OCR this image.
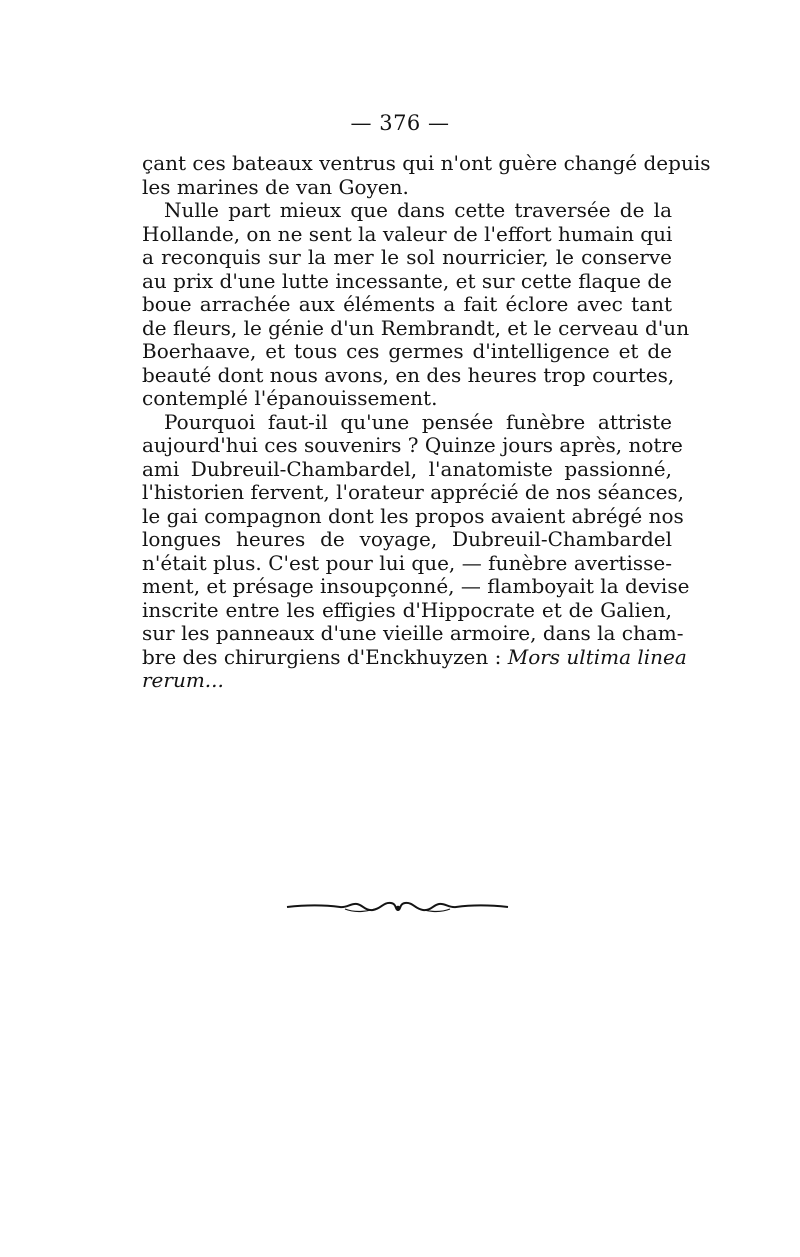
— 376 —
çant ces bateaux ventrus qui n'ont guère changé depuis
les marines de van Goyen.
Nulle part mieux que dans cette traversée de la
Hollande, on ne sent la valeur de l'effort humain qui
a reconquis sur la mer le sol nourricier, le conserve
au prix d'une lutte incessante, et sur cette flaque de
boue arrachée aux éléments a fait éclore avec tant
de fleurs, le génie d'un Rembrandt, et le cerveau d'un
Boerhaave, et tous ces germes d'intelligence et de
beauté dont nous avons, en des heures trop courtes,
contemplé l'épanouissement.
Pourquoi faut-il qu'une pensée funèbre attriste
aujourd'hui ces souvenirs ? Quinze jours après, notre
ami Dubreuil-Chambardel, l'anatomiste passionné,
l'historien fervent, l'orateur apprécié de nos séances,
le gai compagnon dont les propos avaient abrégé nos
longues heures de voyage, Dubreuil-Chambardel
n'était plus. C'est pour lui que, — funèbre avertisse-
ment, et présage insoupçonné, — flamboyait la devise
inscrite entre les effigies d'Hippocrate et de Galien,
sur les panneaux d'une vieille armoire, dans la cham-
bre des chirurgiens d'Enckhuyzen : Mors ultima linea
rerum...
